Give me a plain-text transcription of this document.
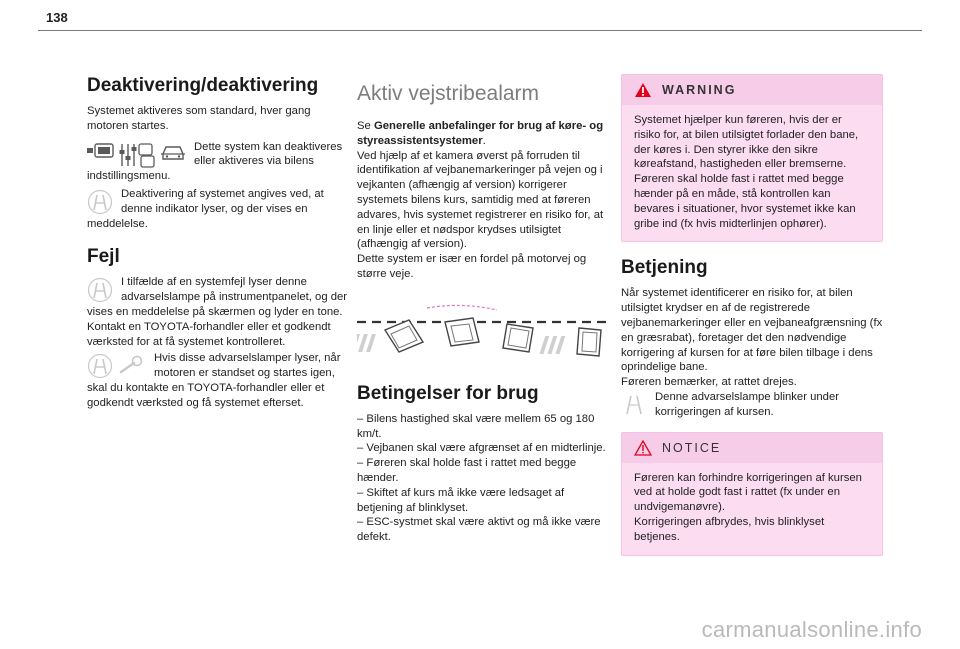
138
Deaktivering/deaktivering

Systemet aktiveres som standard, hver gang motoren startes.

Dette system kan deaktiveres eller aktiveres via bilens indstillingsmenu.

Deaktivering af systemet angives ved, at denne indikator lyser, og der vises en meddelelse.

Fejl

I tilfælde af en systemfejl lyser denne advarselslampe på instrumentpanelet, og der vises en meddelelse på skærmen og lyder en tone.

Kontakt en TOYOTA-forhandler eller et godkendt værksted for at få systemet kontrolleret.

Hvis disse advarselslamper lyser, når motoren er standset og startes igen, skal du kontakte en TOYOTA-forhandler eller et godkendt værksted og få systemet efterset.

Aktiv vejstribealarm

Se Generelle anbefalinger for brug af køre- og styreassistentsystemer.

Ved hjælp af et kamera øverst på forruden til identifikation af vejbanemarkeringer på vejen og i vejkanten (afhængig af version) korrigerer systemets bilens kurs, samtidig med at føreren advares, hvis systemet registrerer en risiko for, at en linje eller et nødspor krydses utilsigtet (afhængig af version).

Dette system er især en fordel på motorvej og større veje.

Betingelser for brug

– Bilens hastighed skal være mellem 65 og 180 km/t.

– Vejbanen skal være afgrænset af en midterlinje.

– Føreren skal holde fast i rattet med begge hænder.

– Skiftet af kurs må ikke være ledsaget af betjening af blinklyset.

– ESC-systmet skal være aktivt og må ikke være defekt.

WARNING

Systemet hjælper kun føreren, hvis der er risiko for, at bilen utilsigtet forlader den bane, der køres i. Den styrer ikke den sikre køreafstand, hastigheden eller bremserne. Føreren skal holde fast i rattet med begge hænder på en måde, stå kontrollen kan bevares i situationer, hvor systemet ikke kan gribe ind (fx hvis midterlinjen ophører).

Betjening

Når systemet identificerer en risiko for, at bilen utilsigtet krydser en af de registrerede vejbanemarkeringer eller en vejbaneafgrænsning (fx en græsrabat), foretager det den nødvendige korrigering af kursen for at føre bilen tilbage i dens oprindelige bane.

Føreren bemærker, at rattet drejes.

Denne advarselslampe blinker under korrigeringen af kursen.

NOTICE

Føreren kan forhindre korrigeringen af kursen ved at holde godt fast i rattet (fx under en undvigemanøvre).

Korrigeringen afbrydes, hvis blinklyset betjenes.

carmanualsonline.info
